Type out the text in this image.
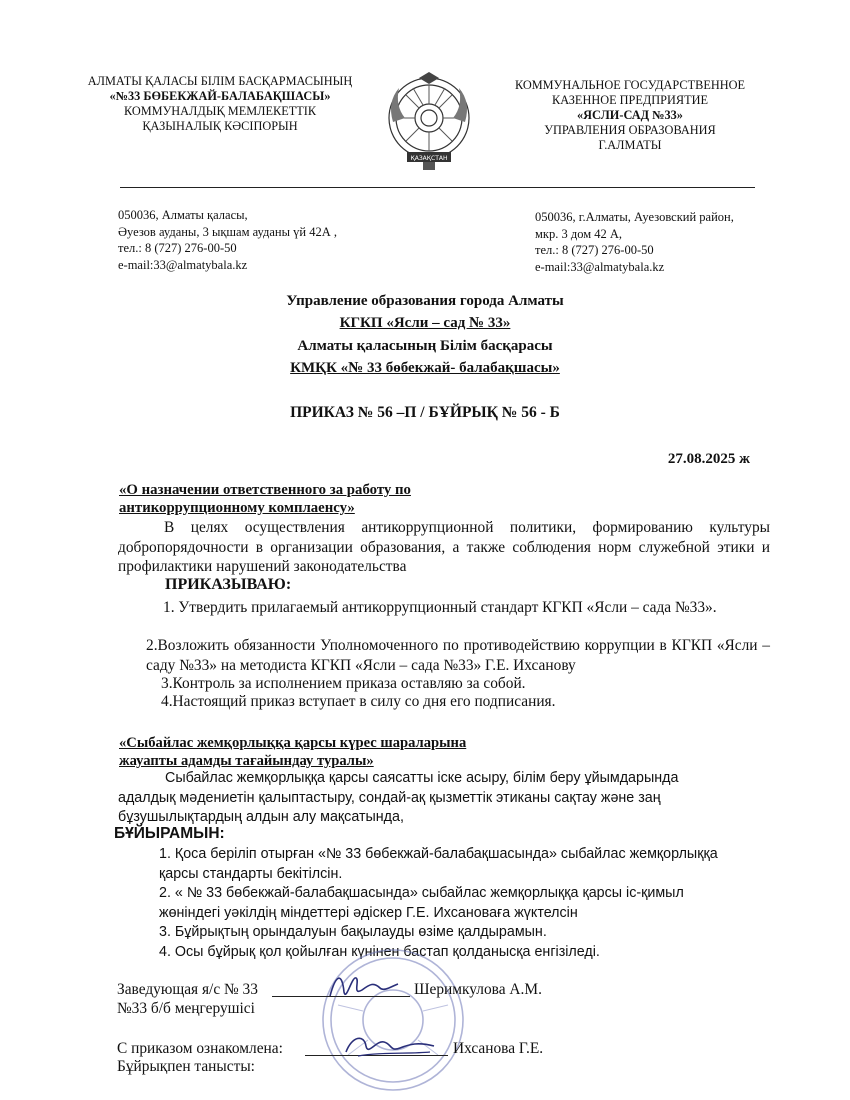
АЛМАТЫ ҚАЛАСЫ БІЛІМ БАСҚАРМАСЫНЫҢ
«№33 БӨБЕКЖАЙ-БАЛАБАҚШАСЫ»
КОММУНАЛДЫҚ МЕМЛЕКЕТТІК
ҚАЗЫНАЛЫҚ КӘСІПОРЫН
ҚАЗАҚСТАН
КОММУНАЛЬНОЕ ГОСУДАРСТВЕННОЕ
КАЗЕННОЕ ПРЕДПРИЯТИЕ
«ЯСЛИ-САД №33»
УПРАВЛЕНИЯ ОБРАЗОВАНИЯ
Г.АЛМАТЫ
050036, Алматы қаласы,
Әуезов ауданы, 3 ықшам ауданы үй 42А ,
тел.: 8 (727) 276-00-50
e-mail:33@almatybala.kz
050036, г.Алматы, Ауезовский район,
мкр. 3 дом 42 А,
тел.: 8 (727) 276-00-50
e-mail:33@almatybala.kz
Управление образования города Алматы
КГКП «Ясли – сад № 33»
Алматы қаласының Білім басқарасы
КМҚК «№ 33 бөбекжай- балабақшасы»
ПРИКАЗ № 56 –П / БҰЙРЫҚ № 56 - Б
27.08.2025 ж
«О назначении ответственного за работу по
антикоррупционному комплаенсу»
В целях осуществления антикоррупционной политики, формированию культуры добропорядочности в организации образования, а также соблюдения норм служебной этики и профилактики нарушений законодательства
ПРИКАЗЫВАЮ:
1. Утвердить прилагаемый антикоррупционный стандарт КГКП «Ясли – сада №33».
2.Возложить обязанности Уполномоченного по противодействию коррупции в КГКП «Ясли – саду №33» на методиста КГКП «Ясли – сада №33» Г.Е. Ихсанову
3.Контроль за исполнением приказа оставляю за собой.
4.Настоящий приказ вступает в силу со дня его подписания.
«Сыбайлас жемқорлыққа қарсы күрес шараларына
жауапты адамды тағайындау туралы»
Сыбайлас жемқорлыққа қарсы саясатты іске асыру, білім беру ұйымдарында
адалдық мәдениетін қалыптастыру, сондай-ақ қызметтік этиканы сақтау және заң
бұзушылықтардың алдын алу мақсатында,
БҰЙЫРАМЫН:
1. Қоса беріліп отырған «№ 33 бөбекжай-балабақшасында» сыбайлас жемқорлыққа
қарсы стандарты бекітілсін.
2. « № 33 бөбекжай-балабақшасында» сыбайлас жемқорлыққа қарсы іс-қимыл
жөніндегі уәкілдің міндеттері әдіскер Г.Е. Ихсановаға жүктелсін
3. Бұйрықтың орындалуын бақылауды өзіме қалдырамын.
4. Осы бұйрық қол қойылған күнінен бастап қолданысқа енгізіледі.
Заведующая я/с № 33	Шеримкулова А.М.
№33 б/б меңгерушісі
С приказом ознакомлена:	Ихсанова Г.Е.
Бұйрықпен танысты:
